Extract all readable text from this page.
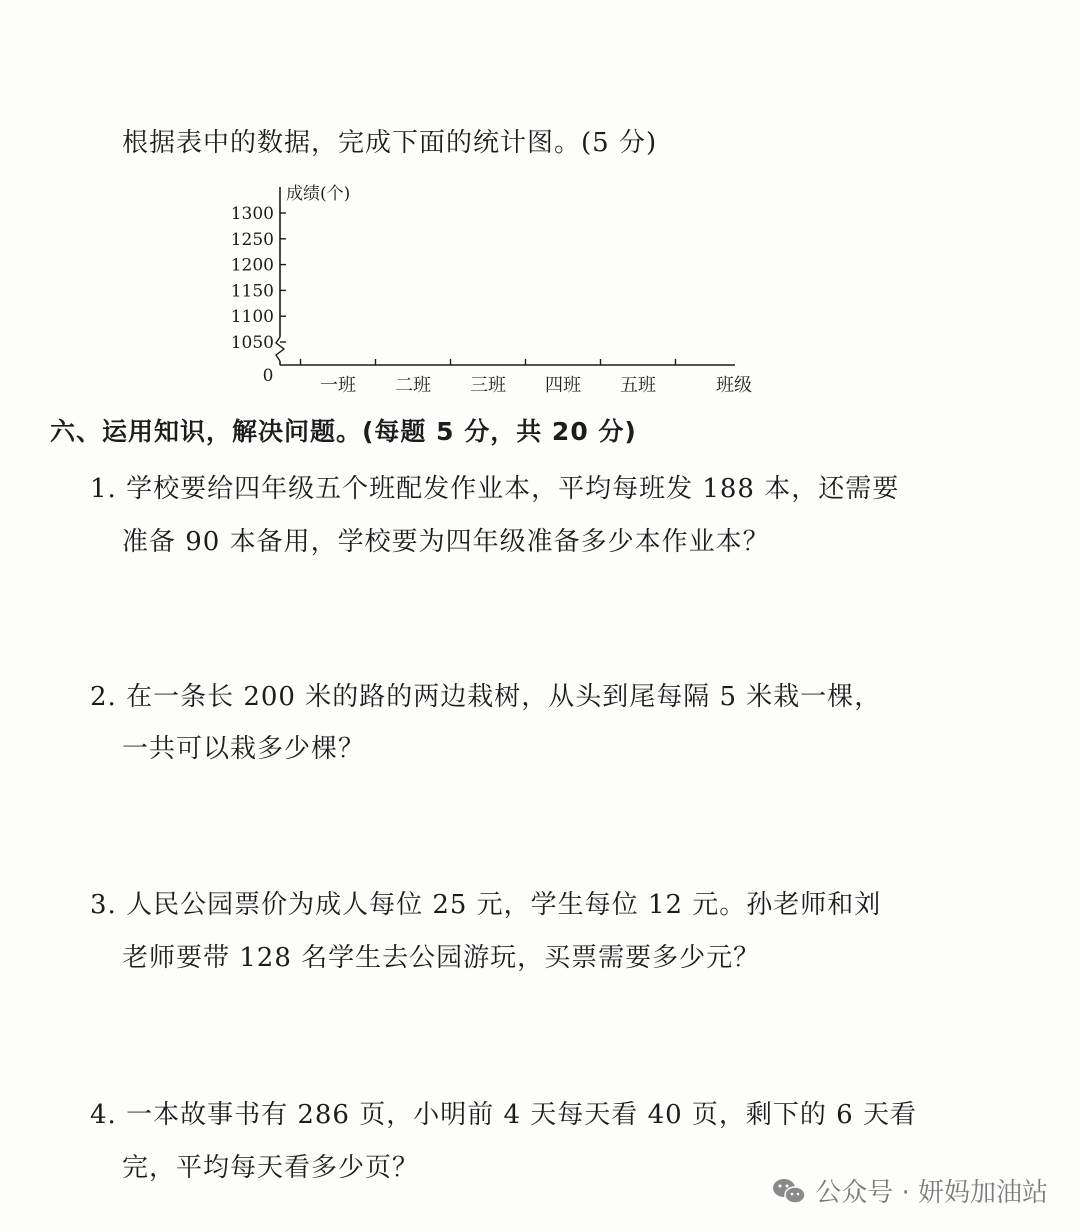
根据表中的数据，完成下面的统计图。(5 分)
成绩(个)
0	班级
1300
1250
1200
1150
1100
1050
一班 二班 三班 四班 五班
六、运用知识，解决问题。(每题 5 分，共 20 分)
1. 学校要给四年级五个班配发作业本，平均每班发 188 本，还需要
准备 90 本备用，学校要为四年级准备多少本作业本？
2. 在一条长 200 米的路的两边栽树，从头到尾每隔 5 米栽一棵，
一共可以栽多少棵？
3. 人民公园票价为成人每位 25 元，学生每位 12 元。孙老师和刘
老师要带 128 名学生去公园游玩，买票需要多少元？
4. 一本故事书有 286 页，小明前 4 天每天看 40 页，剩下的 6 天看
完，平均每天看多少页？
公众号 · 妍妈加油站
